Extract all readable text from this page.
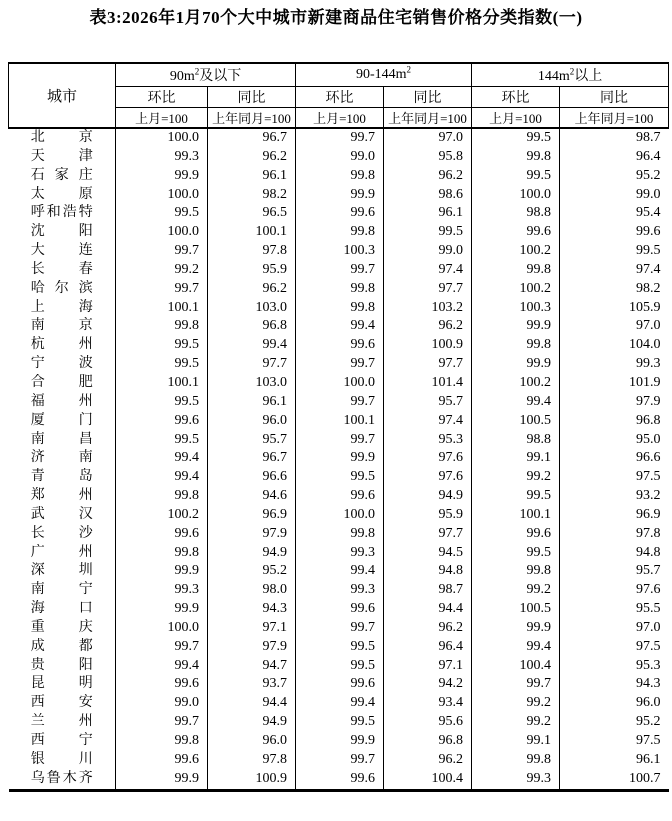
表3:2026年1月70个大中城市新建商品住宅销售价格分类指数(一)
城市	$90m^2$及以下		$90-144m^2$		$144m^2$以上	
	环比	同比	环比	同比	环比	同比
	上月=100	上年同月=100	上月=100	上年同月=100	上月=100	上年同月=100
北京	100.0	96.7	99.7	97.0	99.5	98.7
天津	99.3	96.2	99.0	95.8	99.8	96.4
石家庄	99.9	96.1	99.8	96.2	99.5	95.2
太原	100.0	98.2	99.9	98.6	100.0	99.0
呼和浩特	99.5	96.5	99.6	96.1	98.8	95.4
沈阳	100.0	100.1	99.8	99.5	99.6	99.6
大连	99.7	97.8	100.3	99.0	100.2	99.5
长春	99.2	95.9	99.7	97.4	99.8	97.4
哈尔滨	99.7	96.2	99.8	97.7	100.2	98.2
上海	100.1	103.0	99.8	103.2	100.3	105.9
南京	99.8	96.8	99.4	96.2	99.9	97.0
杭州	99.5	99.4	99.6	100.9	99.8	104.0
宁波	99.5	97.7	99.7	97.7	99.9	99.3
合肥	100.1	103.0	100.0	101.4	100.2	101.9
福州	99.5	96.1	99.7	95.7	99.4	97.9
厦门	99.6	96.0	100.1	97.4	100.5	96.8
南昌	99.5	95.7	99.7	95.3	98.8	95.0
济南	99.4	96.7	99.9	97.6	99.1	96.6
青岛	99.4	96.6	99.5	97.6	99.2	97.5
郑州	99.8	94.6	99.6	94.9	99.5	93.2
武汉	100.2	96.9	100.0	95.9	100.1	96.9
长沙	99.6	97.9	99.8	97.7	99.6	97.8
广州	99.8	94.9	99.3	94.5	99.5	94.8
深圳	99.9	95.2	99.4	94.8	99.8	95.7
南宁	99.3	98.0	99.3	98.7	99.2	97.6
海口	99.9	94.3	99.6	94.4	100.5	95.5
重庆	100.0	97.1	99.7	96.2	99.9	97.0
成都	99.7	97.9	99.5	96.4	99.4	97.5
贵阳	99.4	94.7	99.5	97.1	100.4	95.3
昆明	99.6	93.7	99.6	94.2	99.7	94.3
西安	99.0	94.4	99.4	93.4	99.2	96.0
兰州	99.7	94.9	99.5	95.6	99.2	95.2
西宁	99.8	96.0	99.9	96.8	99.1	97.5
银川	99.6	97.8	99.7	96.2	99.8	96.1
乌鲁木齐	99.9	100.9	99.6	100.4	99.3	100.7
